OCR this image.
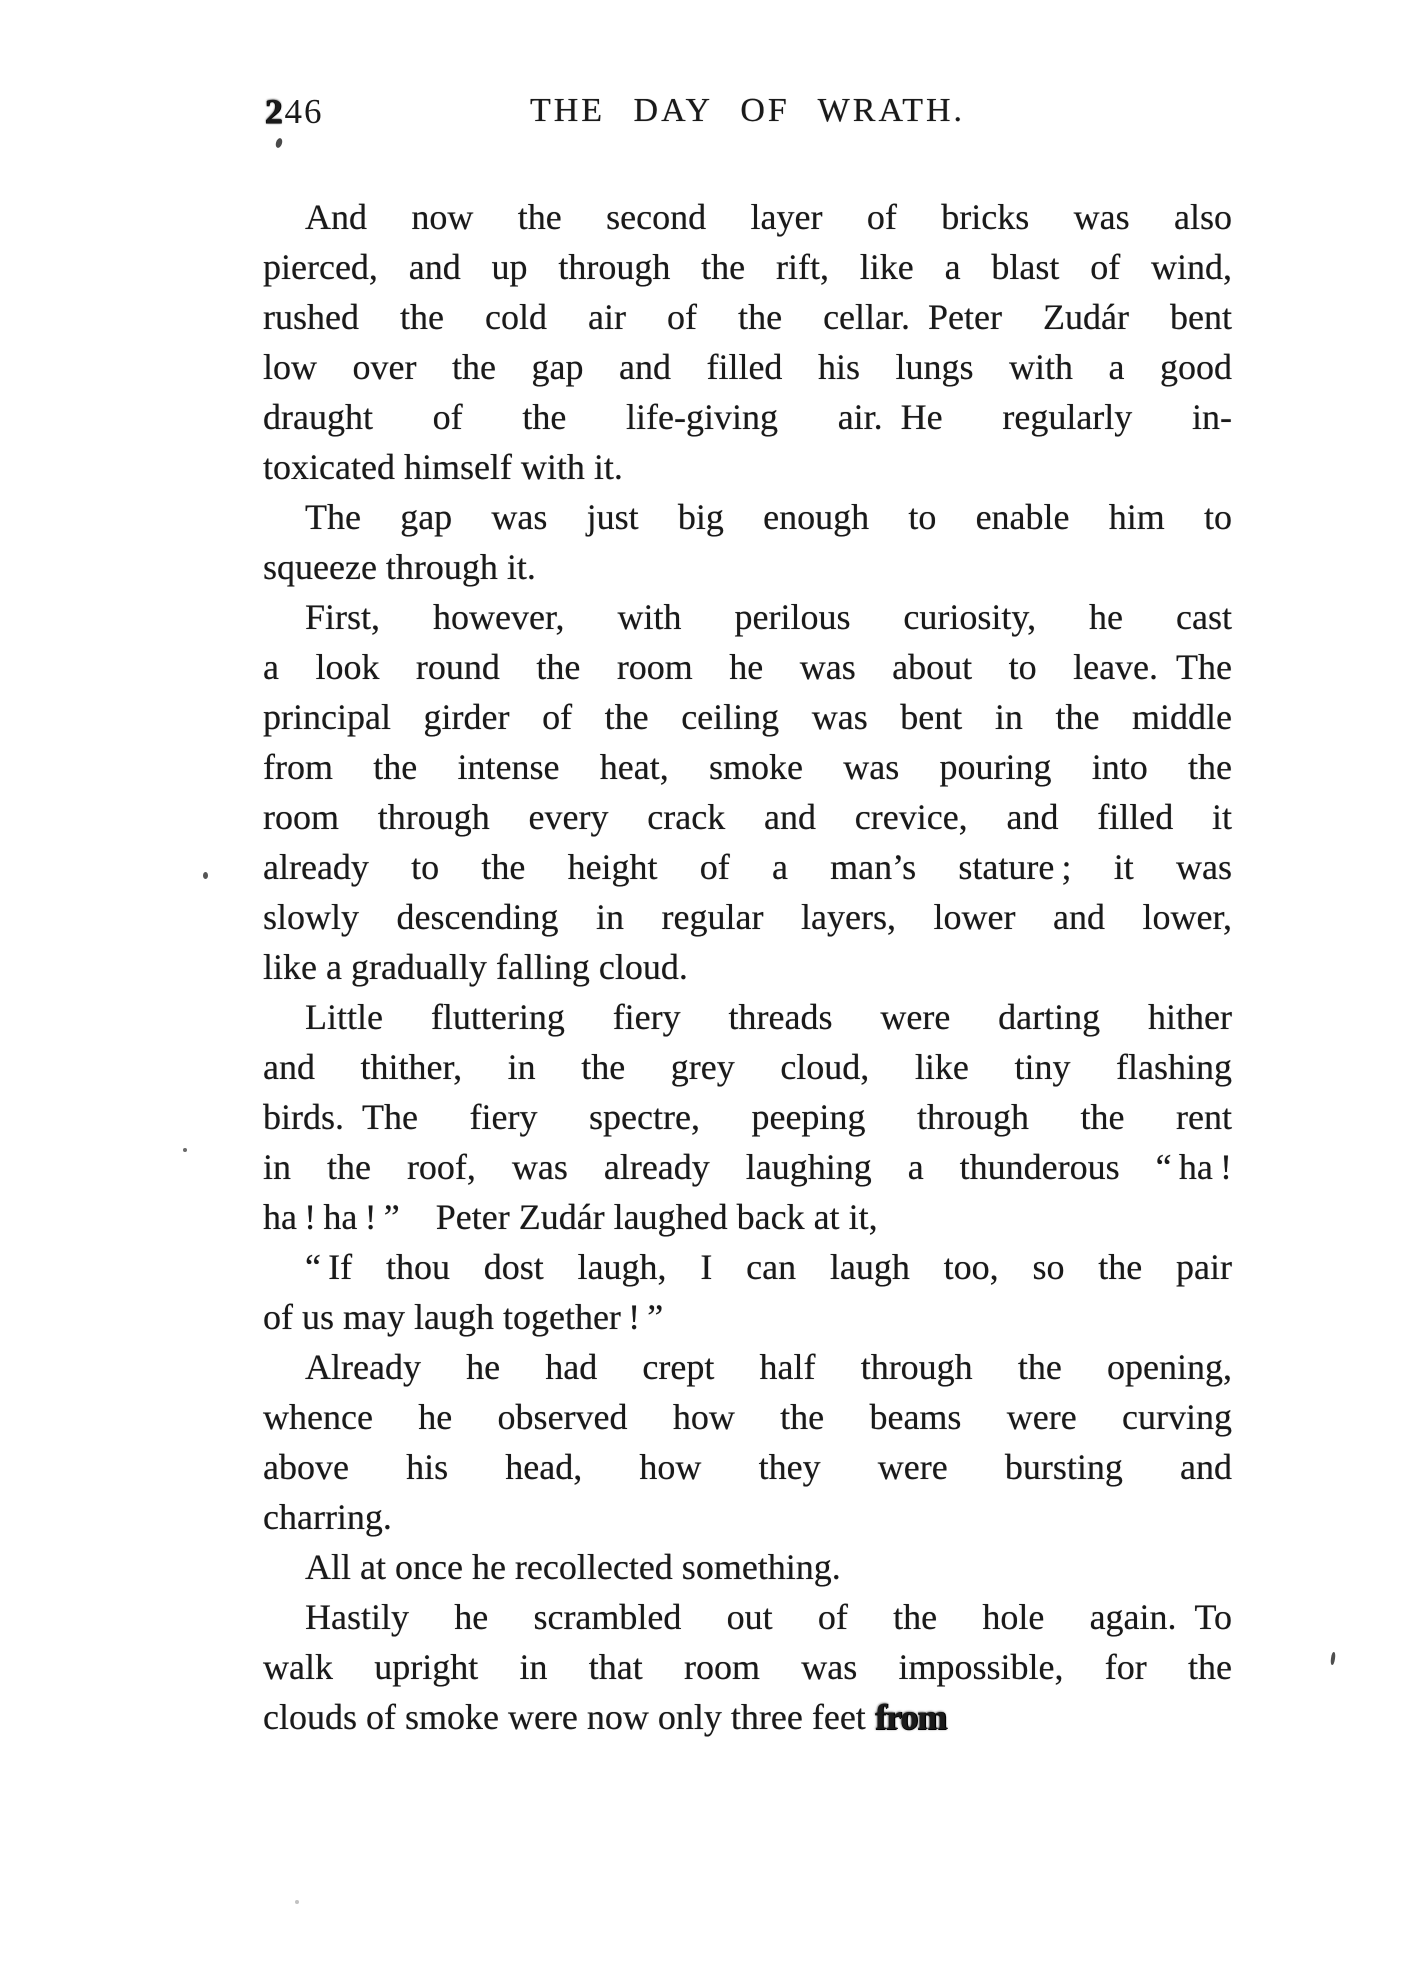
246	THE DAY OF WRATH.
And now the second layer of bricks was also
pierced, and up through the rift, like a blast of wind,
rushed the cold air of the cellar. Peter Zudár bent
low over the gap and filled his lungs with a good
draught of the life-giving air. He regularly in-
toxicated himself with it.
The gap was just big enough to enable him to
squeeze through it.
First, however, with perilous curiosity, he cast
a look round the room he was about to leave. The
principal girder of the ceiling was bent in the middle
from the intense heat, smoke was pouring into the
room through every crack and crevice, and filled it
already to the height of a man’s stature ; it was
slowly descending in regular layers, lower and lower,
like a gradually falling cloud.
Little fluttering fiery threads were darting hither
and thither, in the grey cloud, like tiny flashing
birds. The fiery spectre, peeping through the rent
in the roof, was already laughing a thunderous “ ha !
ha ! ha ! ” Peter Zudár laughed back at it,
“ If thou dost laugh, I can laugh too, so the pair
of us may laugh together ! ”
Already he had crept half through the opening,
whence he observed how the beams were curving
above his head, how they were bursting and
charring.
All at once he recollected something.
Hastily he scrambled out of the hole again. To
walk upright in that room was impossible, for the
clouds of smoke were now only three feet from
